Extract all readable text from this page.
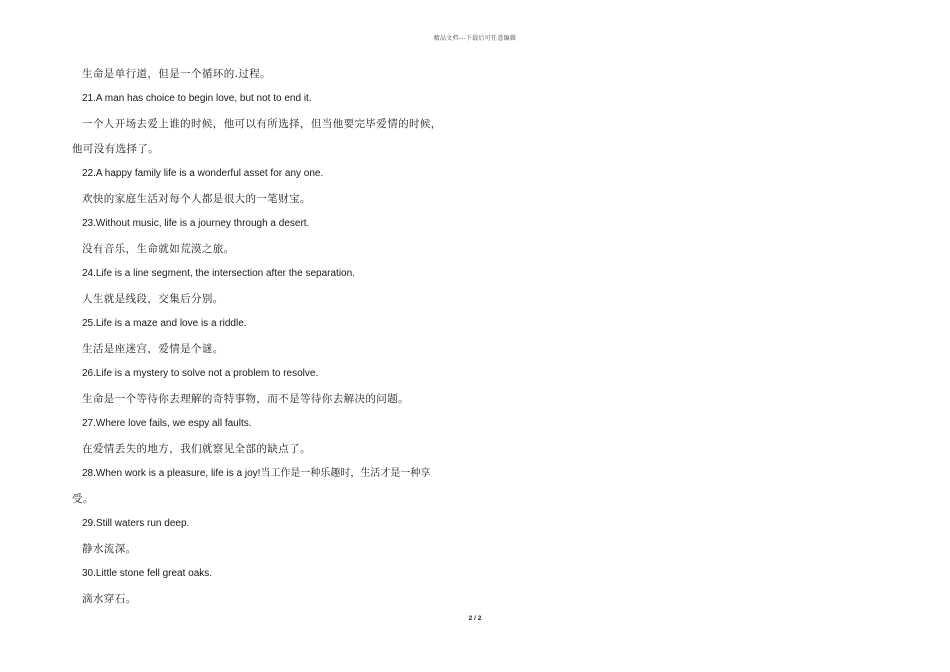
精品文档---下载后可任意编辑
生命是单行道，但是一个循环的.过程。
21.A man has choice to begin love, but not to end it.
一个人开场去爱上谁的时候，他可以有所选择，但当他要完毕爱情的时候，
他可没有选择了。
22.A happy family life is a wonderful asset for any one.
欢快的家庭生活对每个人都是很大的一笔财宝。
23.Without music, life is a journey through a desert.
没有音乐，生命就如荒漠之旅。
24.Life is a line segment, the intersection after the separation.
人生就是线段，交集后分别。
25.Life is a maze and love is a riddle.
生活是座迷宫，爱情是个谜。
26.Life is a mystery to solve not a problem to resolve.
生命是一个等待你去理解的奇特事物，而不是等待你去解决的问题。
27.Where love fails, we espy all faults.
在爱情丢失的地方，我们就察见全部的缺点了。
28.When work is a pleasure, life is a joy!当工作是一种乐趣时，生活才是一种享
受。
29.Still waters run deep.
静水流深。
30.Little stone fell great oaks.
滴水穿石。
2 / 2
